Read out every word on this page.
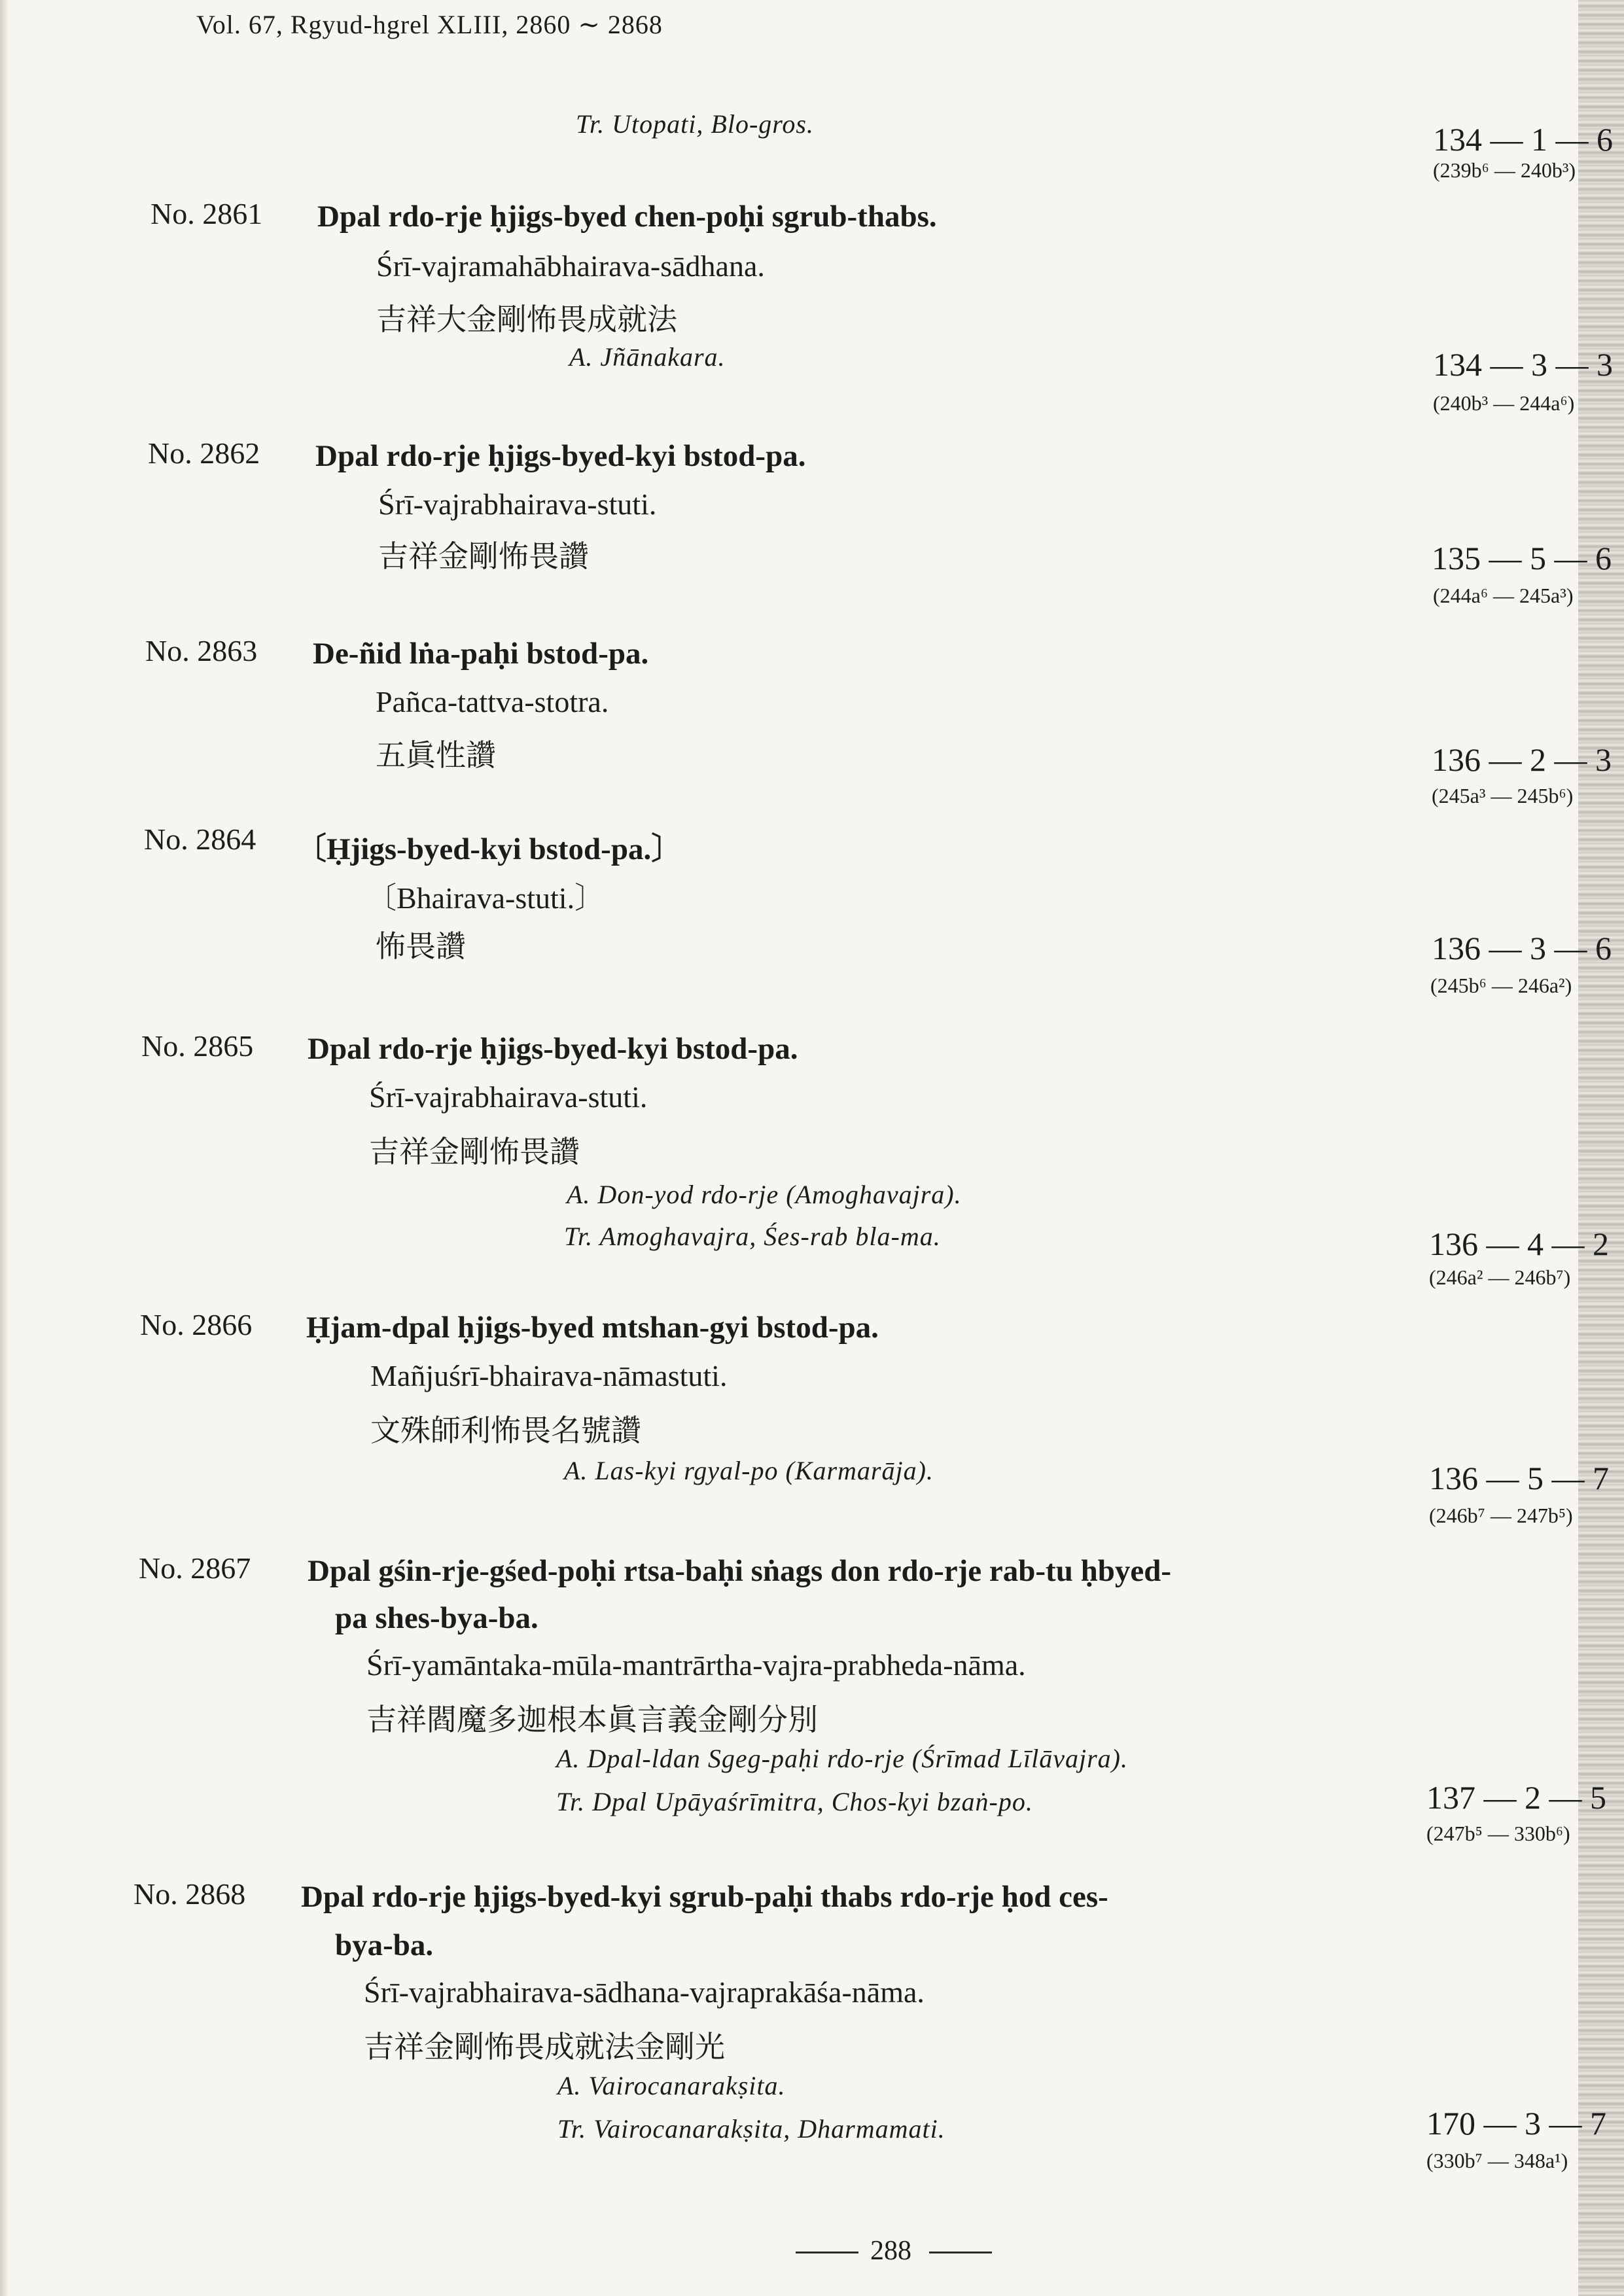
Vol. 67, Rgyud-hgrel XLIII, 2860 ∼ 2868
Tr. Utopati, Blo-gros.	134 — 1 — 6
(239b⁶ — 240b³)
No. 2861 Dpal rdo-rje ḥjigs-byed chen-poḥi sgrub-thabs.
Śrī-vajramahābhairava-sādhana.
吉祥大金剛怖畏成就法
A. Jñānakara.	134 — 3 — 3
(240b³ — 244a⁶)
No. 2862 Dpal rdo-rje ḥjigs-byed-kyi bstod-pa.
Śrī-vajrabhairava-stuti.
吉祥金剛怖畏讚	135 — 5 — 6
(244a⁶ — 245a³)
No. 2863 De-ñid lṅa-paḥi bstod-pa.
Pañca-tattva-stotra.
五眞性讚	136 — 2 — 3
(245a³ — 245b⁶)
No. 2864 〔Ḥjigs-byed-kyi bstod-pa.〕
〔Bhairava-stuti.〕
怖畏讚	136 — 3 — 6
(245b⁶ — 246a²)
No. 2865 Dpal rdo-rje ḥjigs-byed-kyi bstod-pa.
Śrī-vajrabhairava-stuti.
吉祥金剛怖畏讚
A. Don-yod rdo-rje (Amoghavajra).
Tr. Amoghavajra, Śes-rab bla-ma.	136 — 4 — 2
(246a² — 246b⁷)
No. 2866 Ḥjam-dpal ḥjigs-byed mtshan-gyi bstod-pa.
Mañjuśrī-bhairava-nāmastuti.
文殊師利怖畏名號讚
A. Las-kyi rgyal-po (Karmarāja).	136 — 5 — 7
(246b⁷ — 247b⁵)
No. 2867 Dpal gśin-rje-gśed-poḥi rtsa-baḥi sṅags don rdo-rje rab-tu ḥbyed-
pa shes-bya-ba.
Śrī-yamāntaka-mūla-mantrārtha-vajra-prabheda-nāma.
吉祥閻魔多迦根本眞言義金剛分別
A. Dpal-ldan Sgeg-paḥi rdo-rje (Śrīmad Līlāvajra).
Tr. Dpal Upāyaśrīmitra, Chos-kyi bzaṅ-po.	137 — 2 — 5
(247b⁵ — 330b⁶)
No. 2868 Dpal rdo-rje ḥjigs-byed-kyi sgrub-paḥi thabs rdo-rje ḥod ces-
bya-ba.
Śrī-vajrabhairava-sādhana-vajraprakāśa-nāma.
吉祥金剛怖畏成就法金剛光
A. Vairocanarakṣita.
Tr. Vairocanarakṣita, Dharmamati.	170 — 3 — 7
(330b⁷ — 348a¹)
288
